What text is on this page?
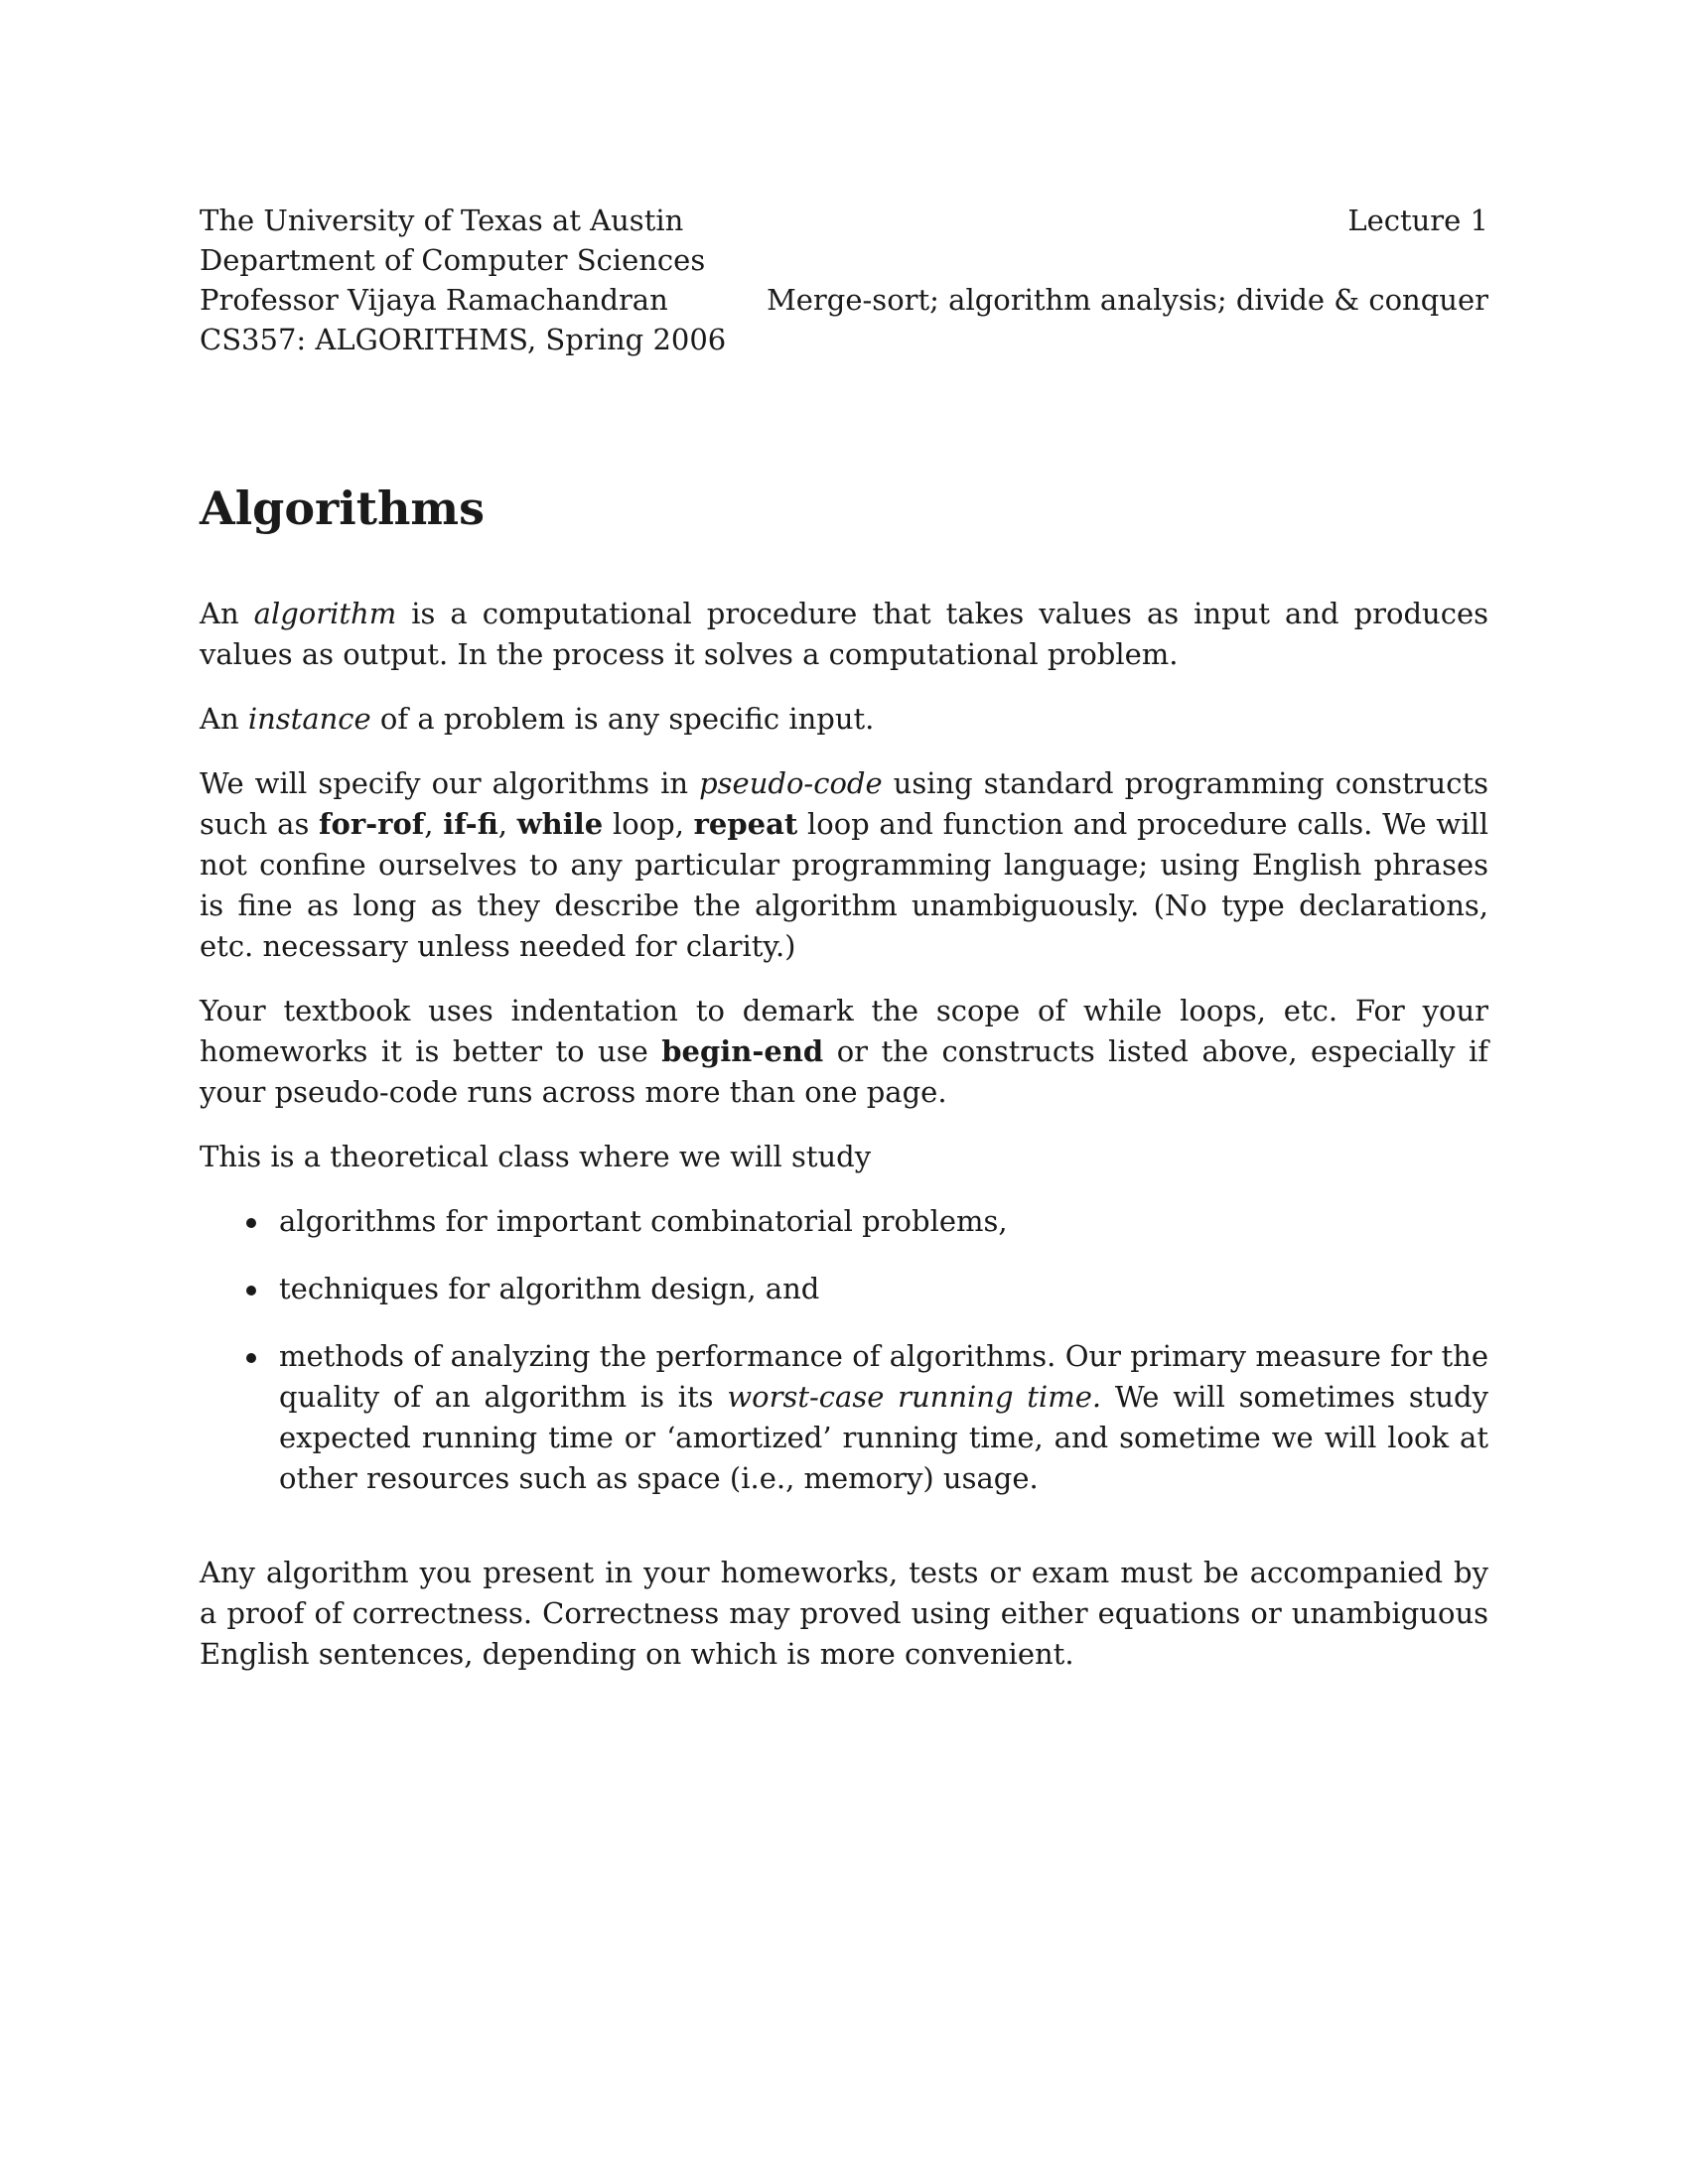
The University of Texas at Austin
Department of Computer Sciences
Professor Vijaya Ramachandran
CS357: ALGORITHMS, Spring 2006
Lecture 1
Merge-sort; algorithm analysis; divide & conquer
Algorithms

An algorithm is a computational procedure that takes values as input and produces values as output. In the process it solves a computational problem.

An instance of a problem is any specific input.

We will specify our algorithms in pseudo-code using standard programming constructs such as for-rof, if-fi, while loop, repeat loop and function and procedure calls. We will not confine ourselves to any particular programming language; using English phrases is fine as long as they describe the algorithm unambiguously. (No type declarations, etc. necessary unless needed for clarity.)

Your textbook uses indentation to demark the scope of while loops, etc. For your homeworks it is better to use begin-end or the constructs listed above, especially if your pseudo-code runs across more than one page.

This is a theoretical class where we will study

algorithms for important combinatorial problems,
techniques for algorithm design, and
methods of analyzing the performance of algorithms. Our primary measure for the quality of an algorithm is its worst-case running time. We will sometimes study expected running time or ‘amortized’ running time, and sometime we will look at other resources such as space (i.e., memory) usage.

Any algorithm you present in your homeworks, tests or exam must be accompanied by a proof of correctness. Correctness may proved using either equations or unambiguous English sentences, depending on which is more convenient.
